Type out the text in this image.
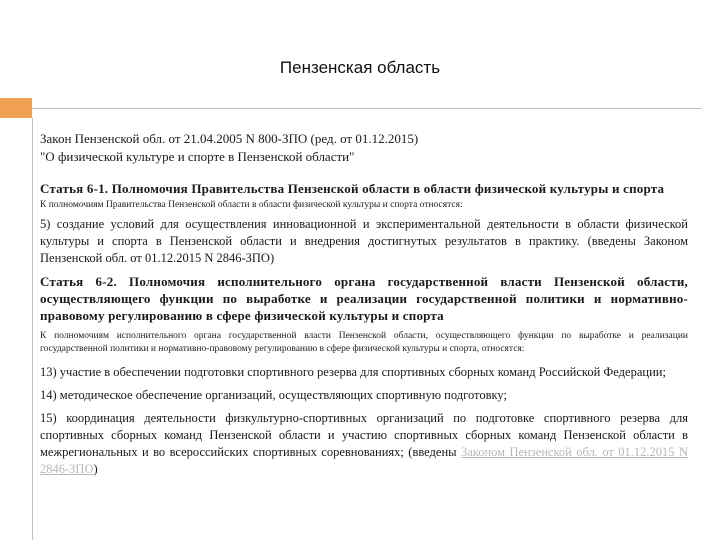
Пензенская область

Закон Пензенской обл. от 21.04.2005 N 800-ЗПО (ред. от 01.12.2015)

"О физической культуре и спорте в Пензенской области"

Статья 6-1. Полномочия Правительства Пензенской области в области физической культуры и спорта

К полномочиям Правительства Пензенской области в области физической культуры и спорта относятся:

5) создание условий для осуществления инновационной и экспериментальной деятельности в области физической культуры и спорта в Пензенской области и внедрения достигнутых результатов в практику. (введены Законом Пензенской обл. от 01.12.2015 N 2846-ЗПО)

Статья 6-2. Полномочия исполнительного органа государственной власти Пензенской области, осуществляющего функции по выработке и реализации государственной политики и нормативно-правовому регулированию в сфере физической культуры и спорта

К полномочиям исполнительного органа государственной власти Пензенской области, осуществляющего функции по выработке и реализации государственной политики и нормативно-правовому регулированию в сфере физической культуры и спорта, относятся:

13) участие в обеспечении подготовки спортивного резерва для спортивных сборных команд Российской Федерации;

14) методическое обеспечение организаций, осуществляющих спортивную подготовку;

15) координация деятельности физкультурно-спортивных организаций по подготовке спортивного резерва для спортивных сборных команд Пензенской области и участию спортивных сборных команд Пензенской области в межрегиональных и во всероссийских спортивных соревнованиях; (введены Законом Пензенской обл. от 01.12.2015 N 2846-ЗПО)
